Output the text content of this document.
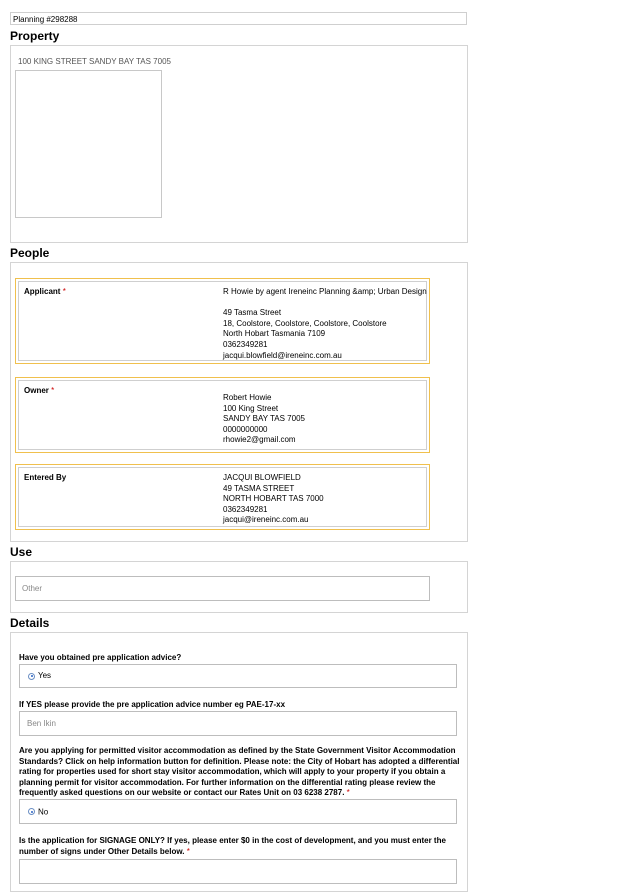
Planning #298288
Property
100 KING STREET SANDY BAY TAS 7005
People
Applicant *	R Howie by agent Ireneinc Planning &amp; Urban Design

49 Tasma Street
18, Coolstore, Coolstore, Coolstore, Coolstore
North Hobart Tasmania 7109
0362349281
jacqui.blowfield@ireneinc.com.au
Owner *
Robert Howie
100 King Street
SANDY BAY TAS 7005
0000000000
rhowie2@gmail.com
Entered By	JACQUI BLOWFIELD
49 TASMA STREET
NORTH HOBART TAS 7000
0362349281
jacqui@ireneinc.com.au
Use
Other
Details
Have you obtained pre application advice?
Yes
If YES please provide the pre application advice number eg PAE-17-xx
Ben Ikin
Are you applying for permitted visitor accommodation as defined by the State Government Visitor Accommodation
Standards? Click on help information button for definition. Please note: the City of Hobart has adopted a differential
rating for properties used for short stay visitor accommodation, which will apply to your property if you obtain a
planning permit for visitor accommodation. For further information on the differential rating please review the
frequently asked questions on our website or contact our Rates Unit on 03 6238 2787. *
No
Is the application for SIGNAGE ONLY? If yes, please enter $0 in the cost of development, and you must enter the
number of signs under Other Details below. *
